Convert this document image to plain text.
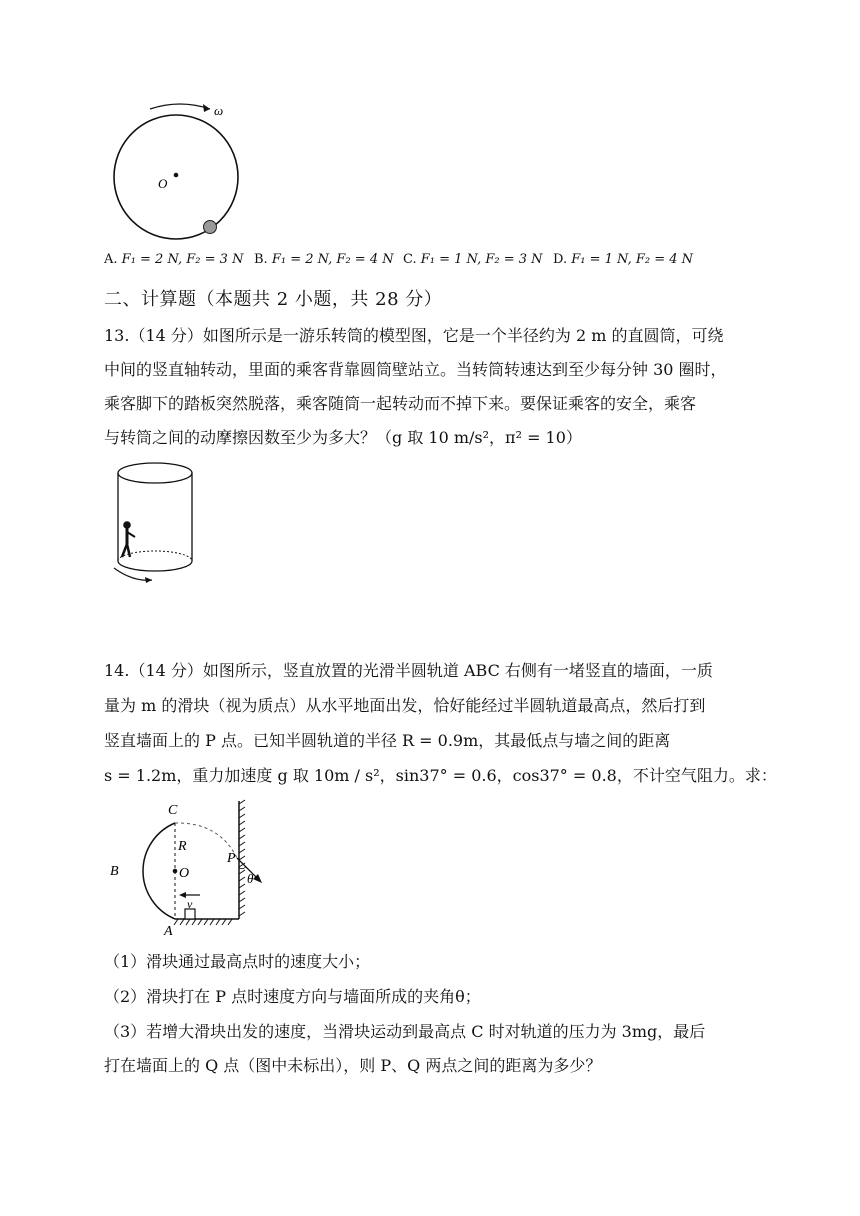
ω
O
A. F₁ = 2 N, F₂ = 3 N B. F₁ = 2 N, F₂ = 4 N C. F₁ = 1 N, F₂ = 3 N D. F₁ = 1 N, F₂ = 4 N
二、计算题（本题共 2 小题，共 28 分）
13.（14 分）如图所示是一游乐转筒的模型图，它是一个半径约为 2 m 的直圆筒，可绕
中间的竖直轴转动，里面的乘客背靠圆筒壁站立。当转筒转速达到至少每分钟 30 圈时，
乘客脚下的踏板突然脱落，乘客随筒一起转动而不掉下来。要保证乘客的安全，乘客
与转筒之间的动摩擦因数至少为多大？（g 取 10 m/s²，π² = 10）
14.（14 分）如图所示，竖直放置的光滑半圆轨道 ABC 右侧有一堵竖直的墙面，一质
量为 m 的滑块（视为质点）从水平地面出发，恰好能经过半圆轨道最高点，然后打到
竖直墙面上的 P 点。已知半圆轨道的半径 R = 0.9m，其最低点与墙之间的距离
s = 1.2m，重力加速度 g 取 10m / s²，sin37° = 0.6，cos37° = 0.8，不计空气阻力。求：
C
R
O
B
P
θ
v
A
（1）滑块通过最高点时的速度大小；
（2）滑块打在 P 点时速度方向与墙面所成的夹角θ；
（3）若增大滑块出发的速度，当滑块运动到最高点 C 时对轨道的压力为 3mg，最后
打在墙面上的 Q 点（图中未标出），则 P、Q 两点之间的距离为多少？
